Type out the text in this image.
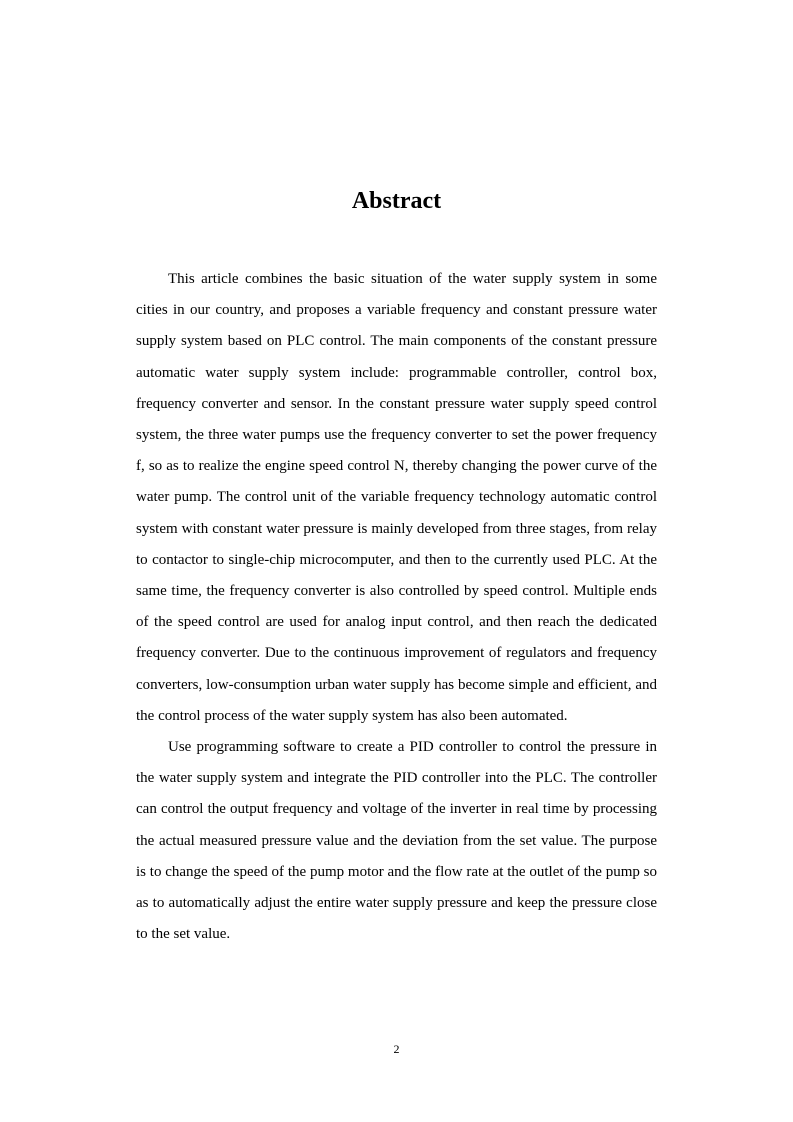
Abstract

This article combines the basic situation of the water supply system in some cities in our country, and proposes a variable frequency and constant pressure water supply system based on PLC control. The main components of the constant pressure automatic water supply system include: programmable controller, control box, frequency converter and sensor. In the constant pressure water supply speed control system, the three water pumps use the frequency converter to set the power frequency f, so as to realize the engine speed control N, thereby changing the power curve of the water pump. The control unit of the variable frequency technology automatic control system with constant water pressure is mainly developed from three stages, from relay to contactor to single-chip microcomputer, and then to the currently used PLC. At the same time, the frequency converter is also controlled by speed control. Multiple ends of the speed control are used for analog input control, and then reach the dedicated frequency converter. Due to the continuous improvement of regulators and frequency converters, low-consumption urban water supply has become simple and efficient, and the control process of the water supply system has also been automated.

Use programming software to create a PID controller to control the pressure in the water supply system and integrate the PID controller into the PLC. The controller can control the output frequency and voltage of the inverter in real time by processing the actual measured pressure value and the deviation from the set value. The purpose is to change the speed of the pump motor and the flow rate at the outlet of the pump so as to automatically adjust the entire water supply pressure and keep the pressure close to the set value.

2
